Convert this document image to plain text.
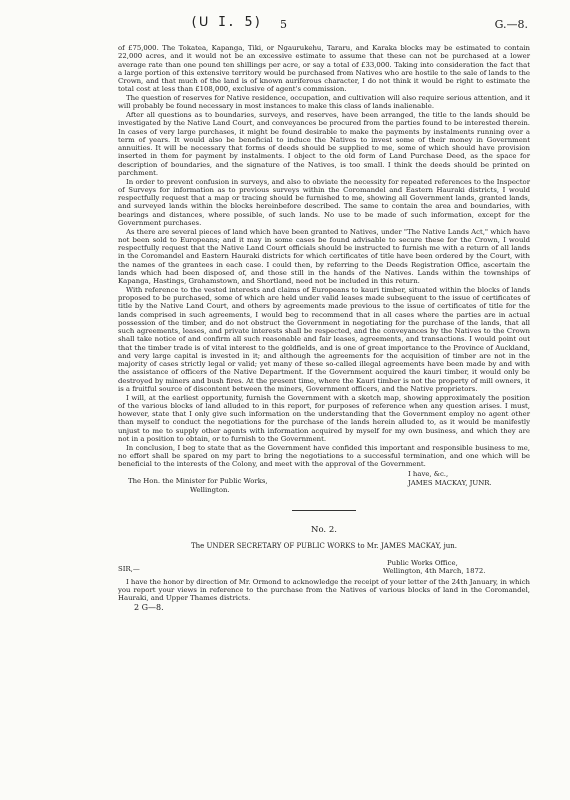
(ᑌ I. 5) 5	G.—8.

of £75,000. The Tokatea, Kapanga, Tiki, or Ngaurukehu, Tararu, and Karaka blocks may be estimated to contain 22,000 acres, and it would not be an excessive estimate to assume that these can not be purchased at a lower average rate than one pound ten shillings per acre, or say a total of £33,000. Taking into consideration the fact that a large portion of this extensive territory would be purchased from Natives who are hostile to the sale of lands to the Crown, and that much of the land is of known auriferous character, I do not think it would be right to estimate the total cost at less than £108,000, exclusive of agent's commission.

The question of reserves for Native residence, occupation, and cultivation will also require serious attention, and it will probably be found necessary in most instances to make this class of lands inalienable.

After all questions as to boundaries, surveys, and reserves, have been arranged, the title to the lands should be investigated by the Native Land Court, and conveyances be procured from the parties found to be interested therein. In cases of very large purchases, it might be found desirable to make the payments by instalments running over a term of years. It would also be beneficial to induce the Natives to invest some of their money in Government annuities. It will be necessary that forms of deeds should be supplied to me, some of which should have provision inserted in them for payment by instalments. I object to the old form of Land Purchase Deed, as the space for description of boundaries, and the signature of the Natives, is too small. I think the deeds should be printed on parchment.

In order to prevent confusion in surveys, and also to obviate the necessity for repeated references to the Inspector of Surveys for information as to previous surveys within the Coromandel and Eastern Hauraki districts, I would respectfully request that a map or tracing should be furnished to me, showing all Government lands, granted lands, and surveyed lands within the blocks hereinbefore described. The same to contain the area and boundaries, with bearings and distances, where possible, of such lands. No use to be made of such information, except for the Government purchases.

As there are several pieces of land which have been granted to Natives, under "The Native Lands Act," which have not been sold to Europeans; and it may in some cases be found advisable to secure these for the Crown, I would respectfully request that the Native Land Court officials should be instructed to furnish me with a return of all lands in the Coromandel and Eastern Hauraki districts for which certificates of title have been ordered by the Court, with the names of the grantees in each case. I could then, by referring to the Deeds Registration Office, ascertain the lands which had been disposed of, and those still in the hands of the Natives. Lands within the townships of Kapanga, Hastings, Grahamstown, and Shortland, need not be included in this return.

With reference to the vested interests and claims of Europeans to kauri timber, situated within the blocks of lands proposed to be purchased, some of which are held under valid leases made subsequent to the issue of certificates of title by the Native Land Court, and others by agreements made previous to the issue of certificates of title for the lands comprised in such agreements, I would beg to recommend that in all cases where the parties are in actual possession of the timber, and do not obstruct the Government in negotiating for the purchase of the lands, that all such agreements, leases, and private interests shall be respected, and the conveyances by the Natives to the Crown shall take notice of and confirm all such reasonable and fair leases, agreements, and transactions. I would point out that the timber trade is of vital interest to the goldfields, and is one of great importance to the Province of Auckland, and very large capital is invested in it; and although the agreements for the acquisition of timber are not in the majority of cases strictly legal or valid; yet many of these so-called illegal agreements have been made by and with the assistance of officers of the Native Department. If the Government acquired the kauri timber, it would only be destroyed by miners and bush fires. At the present time, where the Kauri timber is not the property of mill owners, it is a fruitful source of discontent between the miners, Government officers, and the Native proprietors.

I will, at the earliest opportunity, furnish the Government with a sketch map, showing approximately the position of the various blocks of land alluded to in this report, for purposes of reference when any question arises. I must, however, state that I only give such information on the understanding that the Government employ no agent other than myself to conduct the negotiations for the purchase of the lands herein alluded to, as it would be manifestly unjust to me to supply other agents with information acquired by myself for my own business, and which they are not in a position to obtain, or to furnish to the Government.

In conclusion, I beg to state that as the Government have confided this important and responsible business to me, no effort shall be spared on my part to bring the negotiations to a successful termination, and one which will be beneficial to the interests of the Colony, and meet with the approval of the Government.

The Hon. the Minister for Public Works,
Wellington.
I have, &c.,
JAMES MACKAY, JUNR.
No. 2.
The UNDER SECRETARY OF PUBLIC WORKS to Mr. JAMES MACKAY, jun.
SIR,—
Public Works Office,
Wellington, 4th March, 1872.

I have the honor by direction of Mr. Ormond to acknowledge the receipt of your letter of the 24th January, in which you report your views in reference to the purchase from the Natives of various blocks of land in the Coromandel, Hauraki, and Upper Thames districts.

2 G—8.
